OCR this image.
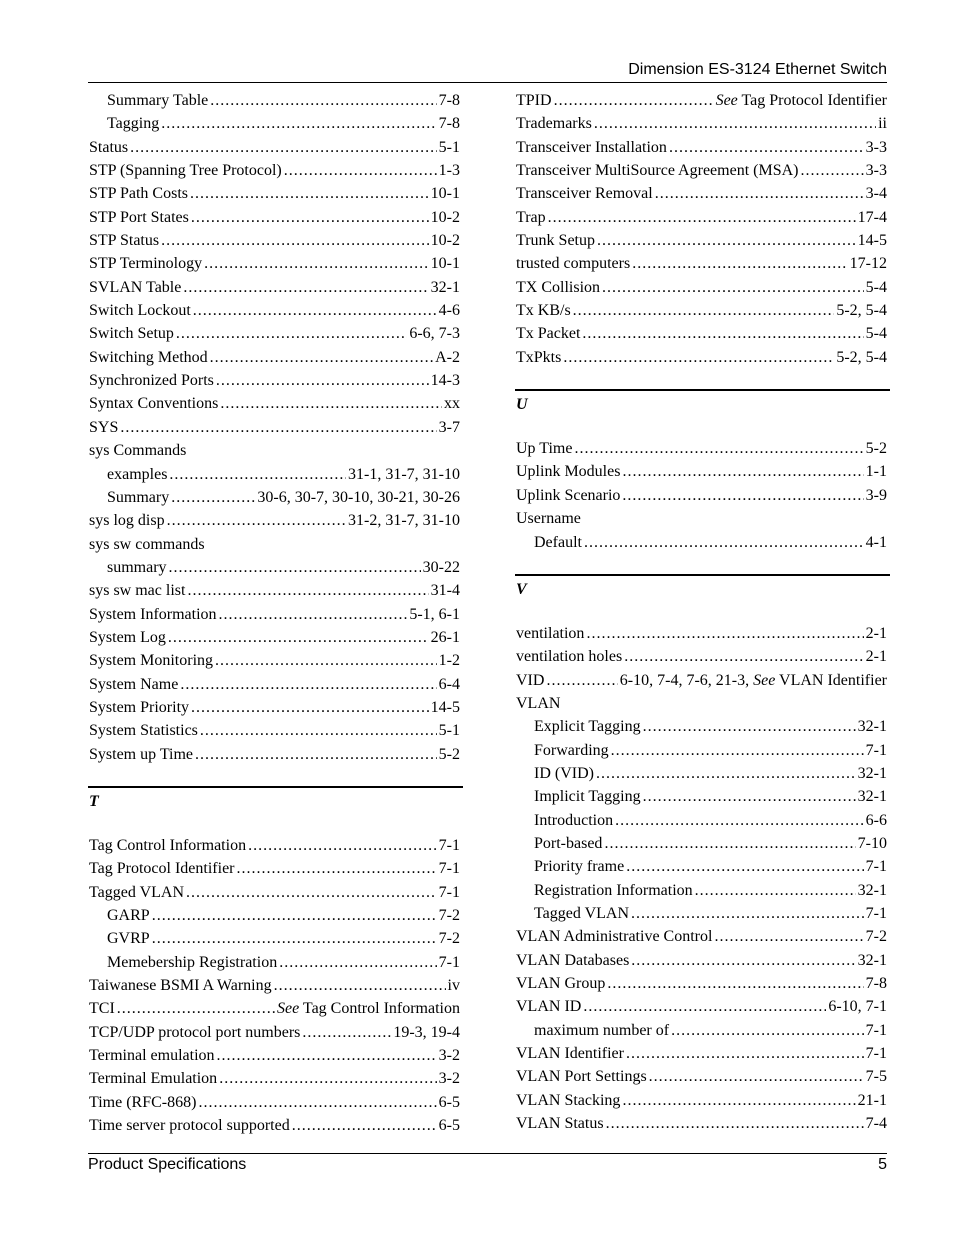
Dimension ES-3124 Ethernet Switch
Summary Table .....	7-8
Tagging .....	7-8
Status .....	5-1
STP (Spanning Tree Protocol) .....	1-3
STP Path Costs .....	10-1
STP Port States .....	10-2
STP Status .....	10-2
STP Terminology .....	10-1
SVLAN Table .....	32-1
Switch Lockout .....	4-6
Switch Setup .....	6-6, 7-3
Switching Method .....	A-2
Synchronized Ports .....	14-3
Syntax Conventions .....	xx
SYS .....	3-7
sys Commands
examples .....	31-1, 31-7, 31-10
Summary .....	30-6, 30-7, 30-10, 30-21, 30-26
sys log disp .....	31-2, 31-7, 31-10
sys sw commands
summary .....	30-22
sys sw mac list .....	31-4
System Information .....	5-1, 6-1
System Log .....	26-1
System Monitoring .....	1-2
System Name .....	6-4
System Priority .....	14-5
System Statistics .....	5-1
System up Time .....	5-2
T
Tag Control Information .....	7-1
Tag Protocol Identifier .....	7-1
Tagged VLAN .....	7-1
GARP .....	7-2
GVRP .....	7-2
Memebership Registration .....	7-1
Taiwanese BSMI A Warning .....	iv
TCI .....	See Tag Control Information
TCP/UDP protocol port numbers .....	19-3, 19-4
Terminal emulation .....	3-2
Terminal Emulation .....	3-2
Time (RFC-868) .....	6-5
Time server protocol supported .....	6-5
TPID .....	See Tag Protocol Identifier
Trademarks .....	ii
Transceiver Installation .....	3-3
Transceiver MultiSource Agreement (MSA) .....	3-3
Transceiver Removal .....	3-4
Trap .....	17-4
Trunk Setup .....	14-5
trusted computers .....	17-12
TX Collision .....	5-4
Tx KB/s .....	5-2, 5-4
Tx Packet .....	5-4
TxPkts .....	5-2, 5-4
U
Up Time .....	5-2
Uplink Modules .....	1-1
Uplink Scenario .....	3-9
Username
Default .....	4-1
V
ventilation .....	2-1
ventilation holes .....	2-1
VID .....	6-10, 7-4, 7-6, 21-3, See VLAN Identifier
VLAN
Explicit Tagging .....	32-1
Forwarding .....	7-1
ID (VID) .....	32-1
Implicit Tagging .....	32-1
Introduction .....	6-6
Port-based .....	7-10
Priority frame .....	7-1
Registration Information .....	32-1
Tagged VLAN .....	7-1
VLAN Administrative Control .....	7-2
VLAN Databases .....	32-1
VLAN Group .....	7-8
VLAN ID .....	6-10, 7-1
maximum number of .....	7-1
VLAN Identifier .....	7-1
VLAN Port Settings .....	7-5
VLAN Stacking .....	21-1
VLAN Status .....	7-4
Product Specifications	5
